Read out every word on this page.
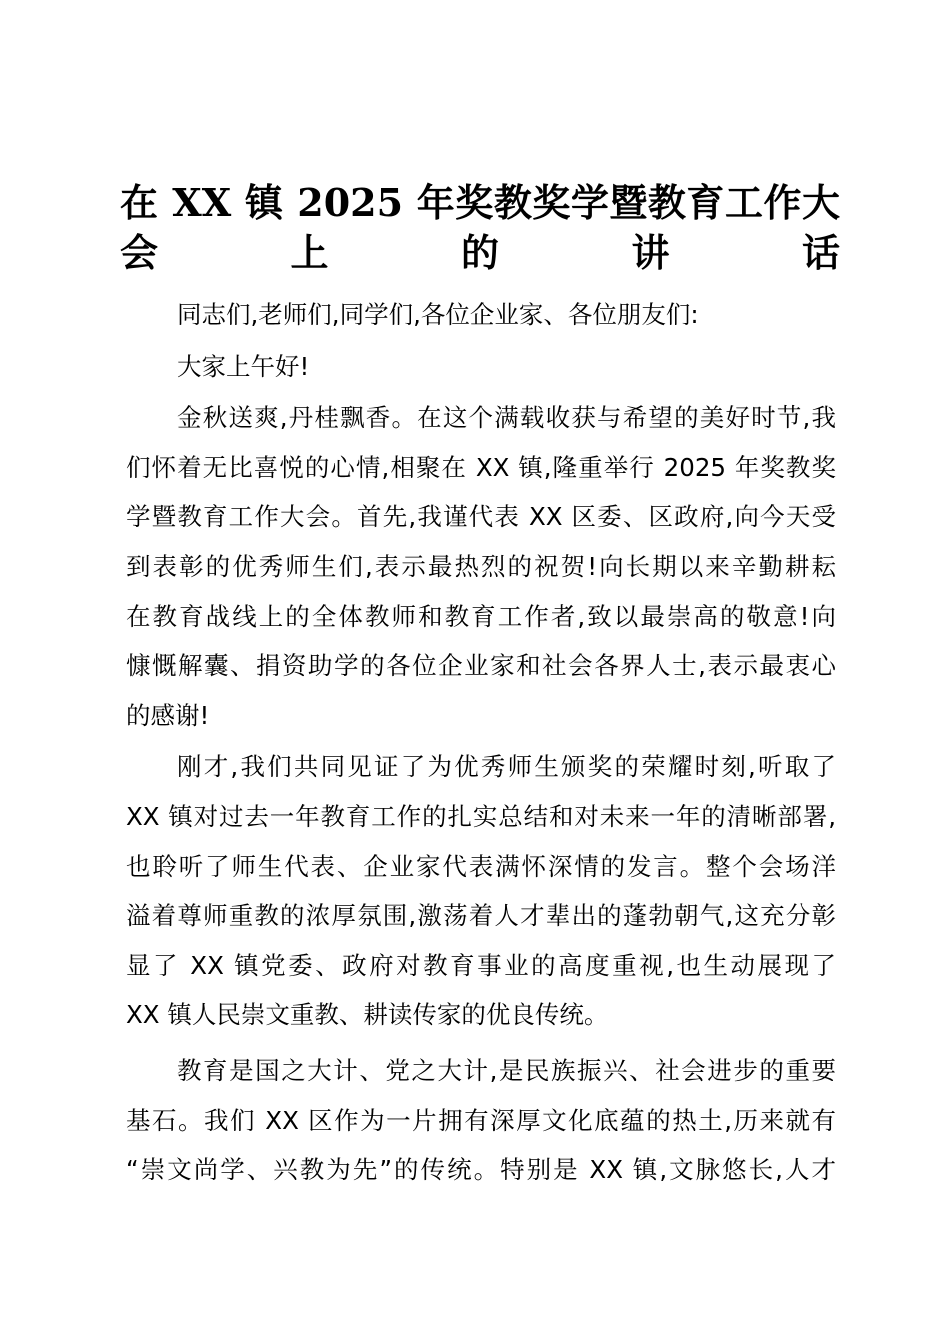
在 XX 镇 2025 年奖教奖学暨教育工作大
会上的讲话

同志们,老师们,同学们,各位企业家、各位朋友们:

大家上午好!

金秋送爽,丹桂飘香。在这个满载收获与希望的美好时节,我
们怀着无比喜悦的心情,相聚在 XX 镇,隆重举行 2025 年奖教奖
学暨教育工作大会。首先,我谨代表 XX 区委、区政府,向今天受
到表彰的优秀师生们,表示最热烈的祝贺!向长期以来辛勤耕耘
在教育战线上的全体教师和教育工作者,致以最崇高的敬意!向
慷慨解囊、捐资助学的各位企业家和社会各界人士,表示最衷心
的感谢!

刚才,我们共同见证了为优秀师生颁奖的荣耀时刻,听取了
XX 镇对过去一年教育工作的扎实总结和对未来一年的清晰部署,
也聆听了师生代表、企业家代表满怀深情的发言。整个会场洋
溢着尊师重教的浓厚氛围,激荡着人才辈出的蓬勃朝气,这充分彰
显了 XX 镇党委、政府对教育事业的高度重视,也生动展现了
XX 镇人民崇文重教、耕读传家的优良传统。

教育是国之大计、党之大计,是民族振兴、社会进步的重要
基石。我们 XX 区作为一片拥有深厚文化底蕴的热土,历来就有
“崇文尚学、兴教为先”的传统。特别是 XX 镇,文脉悠长,人才
